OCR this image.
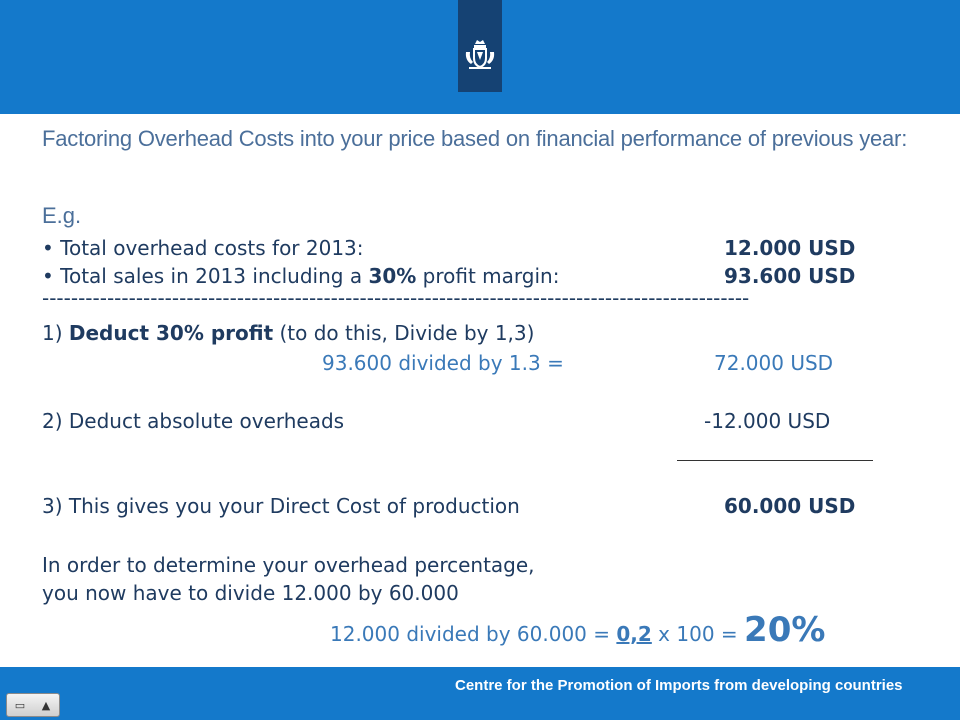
Factoring Overhead Costs into your price based on financial performance of previous year:
E.g.
• Total overhead costs for 2013:	12.000 USD
• Total sales in 2013 including a 30% profit margin:	93.600 USD
--------------------------------------------------------------------------------------------------
1) Deduct 30% profit (to do this, Divide by 1,3)
93.600 divided by 1.3 =	72.000 USD
2) Deduct absolute overheads	-12.000 USD
3) This gives you your Direct Cost of production	60.000 USD
In order to determine your overhead percentage,
you now have to divide 12.000 by 60.000
12.000 divided by 60.000 = 0,2 x 100 = 20%
Centre for the Promotion of Imports from developing countries
▭	▲
